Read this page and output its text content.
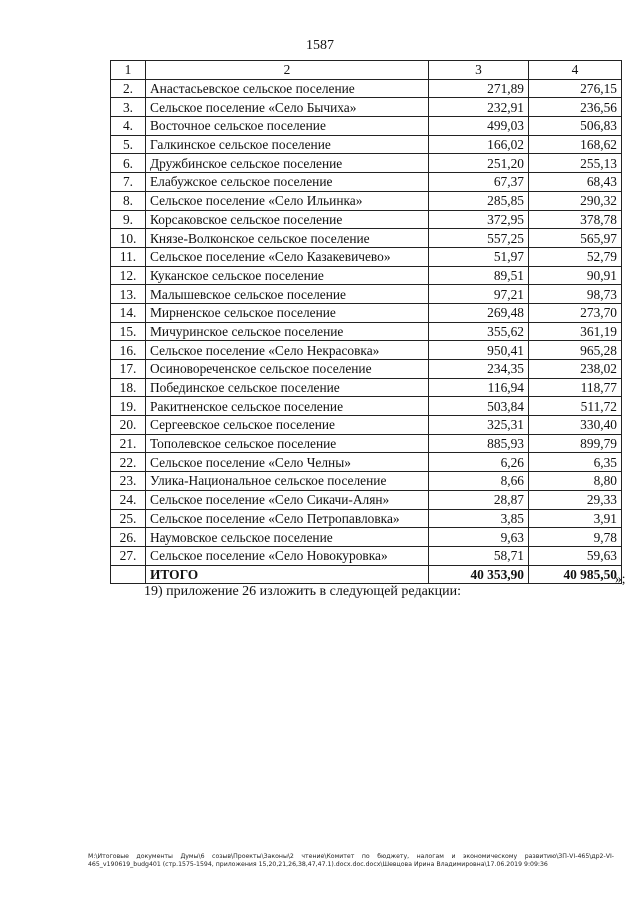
1587
1	2	3	4
2.	Анастасьевское сельское поселение	271,89	276,15
3.	Сельское поселение «Село Бычиха»	232,91	236,56
4.	Восточное сельское поселение	499,03	506,83
5.	Галкинское сельское поселение	166,02	168,62
6.	Дружбинское сельское поселение	251,20	255,13
7.	Елабужское сельское поселение	67,37	68,43
8.	Сельское поселение «Село Ильинка»	285,85	290,32
9.	Корсаковское сельское поселение	372,95	378,78
10.	Князе-Волконское сельское поселение	557,25	565,97
11.	Сельское поселение «Село Казакевичево»	51,97	52,79
12.	Куканское сельское поселение	89,51	90,91
13.	Малышевское сельское поселение	97,21	98,73
14.	Мирненское сельское поселение	269,48	273,70
15.	Мичуринское сельское поселение	355,62	361,19
16.	Сельское поселение «Село Некрасовка»	950,41	965,28
17.	Осиновореченское сельское поселение	234,35	238,02
18.	Побединское сельское поселение	116,94	118,77
19.	Ракитненское сельское поселение	503,84	511,72
20.	Сергеевское сельское поселение	325,31	330,40
21.	Тополевское сельское поселение	885,93	899,79
22.	Сельское поселение «Село Челны»	6,26	6,35
23.	Улика-Национальное сельское поселение	8,66	8,80
24.	Сельское поселение «Село Сикачи-Алян»	28,87	29,33
25.	Сельское поселение «Село Петропавловка»	3,85	3,91
26.	Наумовское сельское поселение	9,63	9,78
27.	Сельское поселение «Село Новокуровка»	58,71	59,63
	ИТОГО	40 353,90	40 985,50
»;
19) приложение 26 изложить в следующей редакции:
М:\Итоговые документы Думы\6 созыв\Проекты\Законы\2 чтение\Комитет по бюджету, налогам и экономическому развитию\ЗП-VI-465\др2-VI-465_v190619_budg401 (стр.1575-1594, приложения 15,20,21,26,38,47,47.1).docx.doc.docx\Шевцова Ирина Владимировна\17.06.2019 9:09:36
